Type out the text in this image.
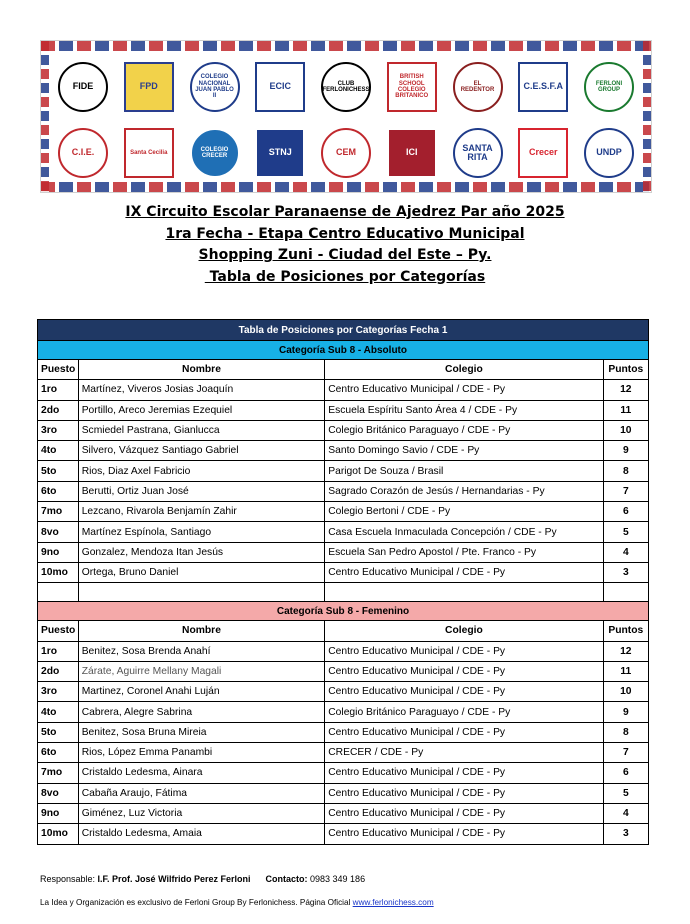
FIDE	FPD
COLEGIO NACIONAL JUAN PABLO II
ECIC	CLUB FERLONICHESS
BRITISH SCHOOL COLEGIO BRITANICO
EL REDENTOR	C.E.S.F.A	FERLONI GROUP
C.I.E.	Santa Cecilia
COLEGIO CRECER	STNJ	CEM	ICI	SANTA RITA	Crecer	UNDP
IX Circuito Escolar Paranaense de Ajedrez Par año 2025
1ra Fecha - Etapa Centro Educativo Municipal
Shopping Zuni - Ciudad del Este – Py.
Tabla de Posiciones por Categorías
Tabla de Posiciones por Categorías Fecha 1
Categoría Sub 8 - Absoluto
Puesto	Nombre	Colegio	Puntos
1ro	Martínez, Viveros Josias Joaquín	Centro Educativo Municipal / CDE - Py	12
2do	Portillo, Areco Jeremias Ezequiel	Escuela Espíritu Santo Área 4 / CDE - Py	11
3ro	Scmiedel Pastrana, Gianlucca	Colegio Británico Paraguayo / CDE - Py	10
4to	Silvero, Vázquez Santiago Gabriel	Santo Domingo Savio / CDE - Py	9
5to	Rios, Diaz Axel Fabricio	Parigot De Souza / Brasil	8
6to	Berutti, Ortiz Juan José	Sagrado Corazón de Jesús / Hernandarias - Py	7
7mo	Lezcano, Rivarola Benjamín Zahir	Colegio Bertoni / CDE - Py	6
8vo	Martínez Espínola, Santiago	Casa Escuela Inmaculada Concepción / CDE - Py	5
9no	Gonzalez, Mendoza Itan Jesús	Escuela San Pedro Apostol / Pte. Franco - Py	4
10mo	Ortega, Bruno Daniel	Centro Educativo Municipal / CDE - Py	3
Categoría Sub 8 - Femenino
Puesto	Nombre	Colegio	Puntos
1ro	Benitez, Sosa Brenda Anahí	Centro Educativo Municipal / CDE - Py	12
2do	Zárate, Aguirre Mellany Magali	Centro Educativo Municipal / CDE - Py	11
3ro	Martinez, Coronel Anahi Luján	Centro Educativo Municipal / CDE - Py	10
4to	Cabrera, Alegre Sabrina	Colegio Británico Paraguayo / CDE - Py	9
5to	Benitez, Sosa Bruna Mireia	Centro Educativo Municipal / CDE - Py	8
6to	Rios, López Emma Panambi	CRECER / CDE - Py	7
7mo	Cristaldo Ledesma, Ainara	Centro Educativo Municipal / CDE - Py	6
8vo	Cabaña Araujo, Fátima	Centro Educativo Municipal / CDE - Py	5
9no	Giménez, Luz Victoria	Centro Educativo Municipal / CDE - Py	4
10mo	Cristaldo Ledesma, Amaia	Centro Educativo Municipal / CDE - Py	3
Responsable: I.F. Prof. José Wilfrido Perez Ferloni Contacto: 0983 349 186
La Idea y Organización es exclusivo de Ferloni Group By Ferlonichess. Página Oficial www.ferlonichess.com
